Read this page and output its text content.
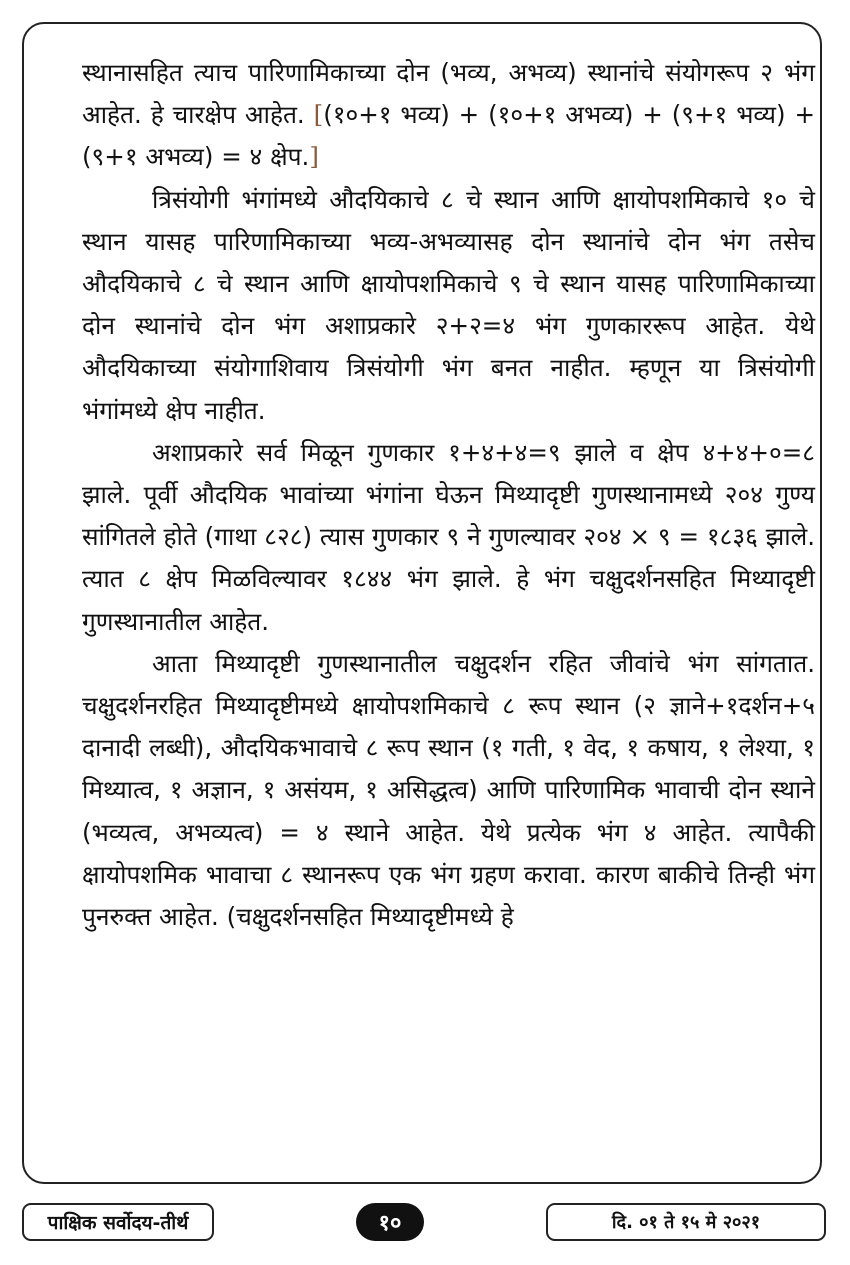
स्थानासहित त्याच पारिणामिकाच्या दोन (भव्य, अभव्य) स्थानांचे संयोगरूप २ भंग आहेत. हे चारक्षेप आहेत. [(१०+१ भव्य) + (१०+१ अभव्य) + (९+१ भव्य) + (९+१ अभव्य) = ४ क्षेप.]

त्रिसंयोगी भंगांमध्ये औदयिकाचे ८ चे स्थान आणि क्षायोपशमिकाचे १० चे स्थान यासह पारिणामिकाच्या भव्य-अभव्यासह दोन स्थानांचे दोन भंग तसेच औदयिकाचे ८ चे स्थान आणि क्षायोपशमिकाचे ९ चे स्थान यासह पारिणामिकाच्या दोन स्थानांचे दोन भंग अशाप्रकारे २+२=४ भंग गुणकाररूप आहेत. येथे औदयिकाच्या संयोगाशिवाय त्रिसंयोगी भंग बनत नाहीत. म्हणून या त्रिसंयोगी भंगांमध्ये क्षेप नाहीत.

अशाप्रकारे सर्व मिळून गुणकार १+४+४=९ झाले व क्षेप ४+४+०=८ झाले. पूर्वी औदयिक भावांच्या भंगांना घेऊन मिथ्यादृष्टी गुणस्थानामध्ये २०४ गुण्य सांगितले होते (गाथा ८२८) त्यास गुणकार ९ ने गुणल्यावर २०४ × ९ = १८३६ झाले. त्यात ८ क्षेप मिळविल्यावर १८४४ भंग झाले. हे भंग चक्षुदर्शनसहित मिथ्यादृष्टी गुणस्थानातील आहेत.

आता मिथ्यादृष्टी गुणस्थानातील चक्षुदर्शन रहित जीवांचे भंग सांगतात. चक्षुदर्शनरहित मिथ्यादृष्टीमध्ये क्षायोपशमिकाचे ८ रूप स्थान (२ ज्ञाने+१दर्शन+५ दानादी लब्धी), औदयिकभावाचे ८ रूप स्थान (१ गती, १ वेद, १ कषाय, १ लेश्या, १ मिथ्यात्व, १ अज्ञान, १ असंयम, १ असिद्धत्व) आणि पारिणामिक भावाची दोन स्थाने (भव्यत्व, अभव्यत्व) = ४ स्थाने आहेत. येथे प्रत्येक भंग ४ आहेत. त्यापैकी क्षायोपशमिक भावाचा ८ स्थानरूप एक भंग ग्रहण करावा. कारण बाकीचे तिन्ही भंग पुनरुक्त आहेत. (चक्षुदर्शनसहित मिथ्यादृष्टीमध्ये हे

पाक्षिक सर्वोदय-तीर्थ	१०	दि. ०१ ते १५ मे २०२१
